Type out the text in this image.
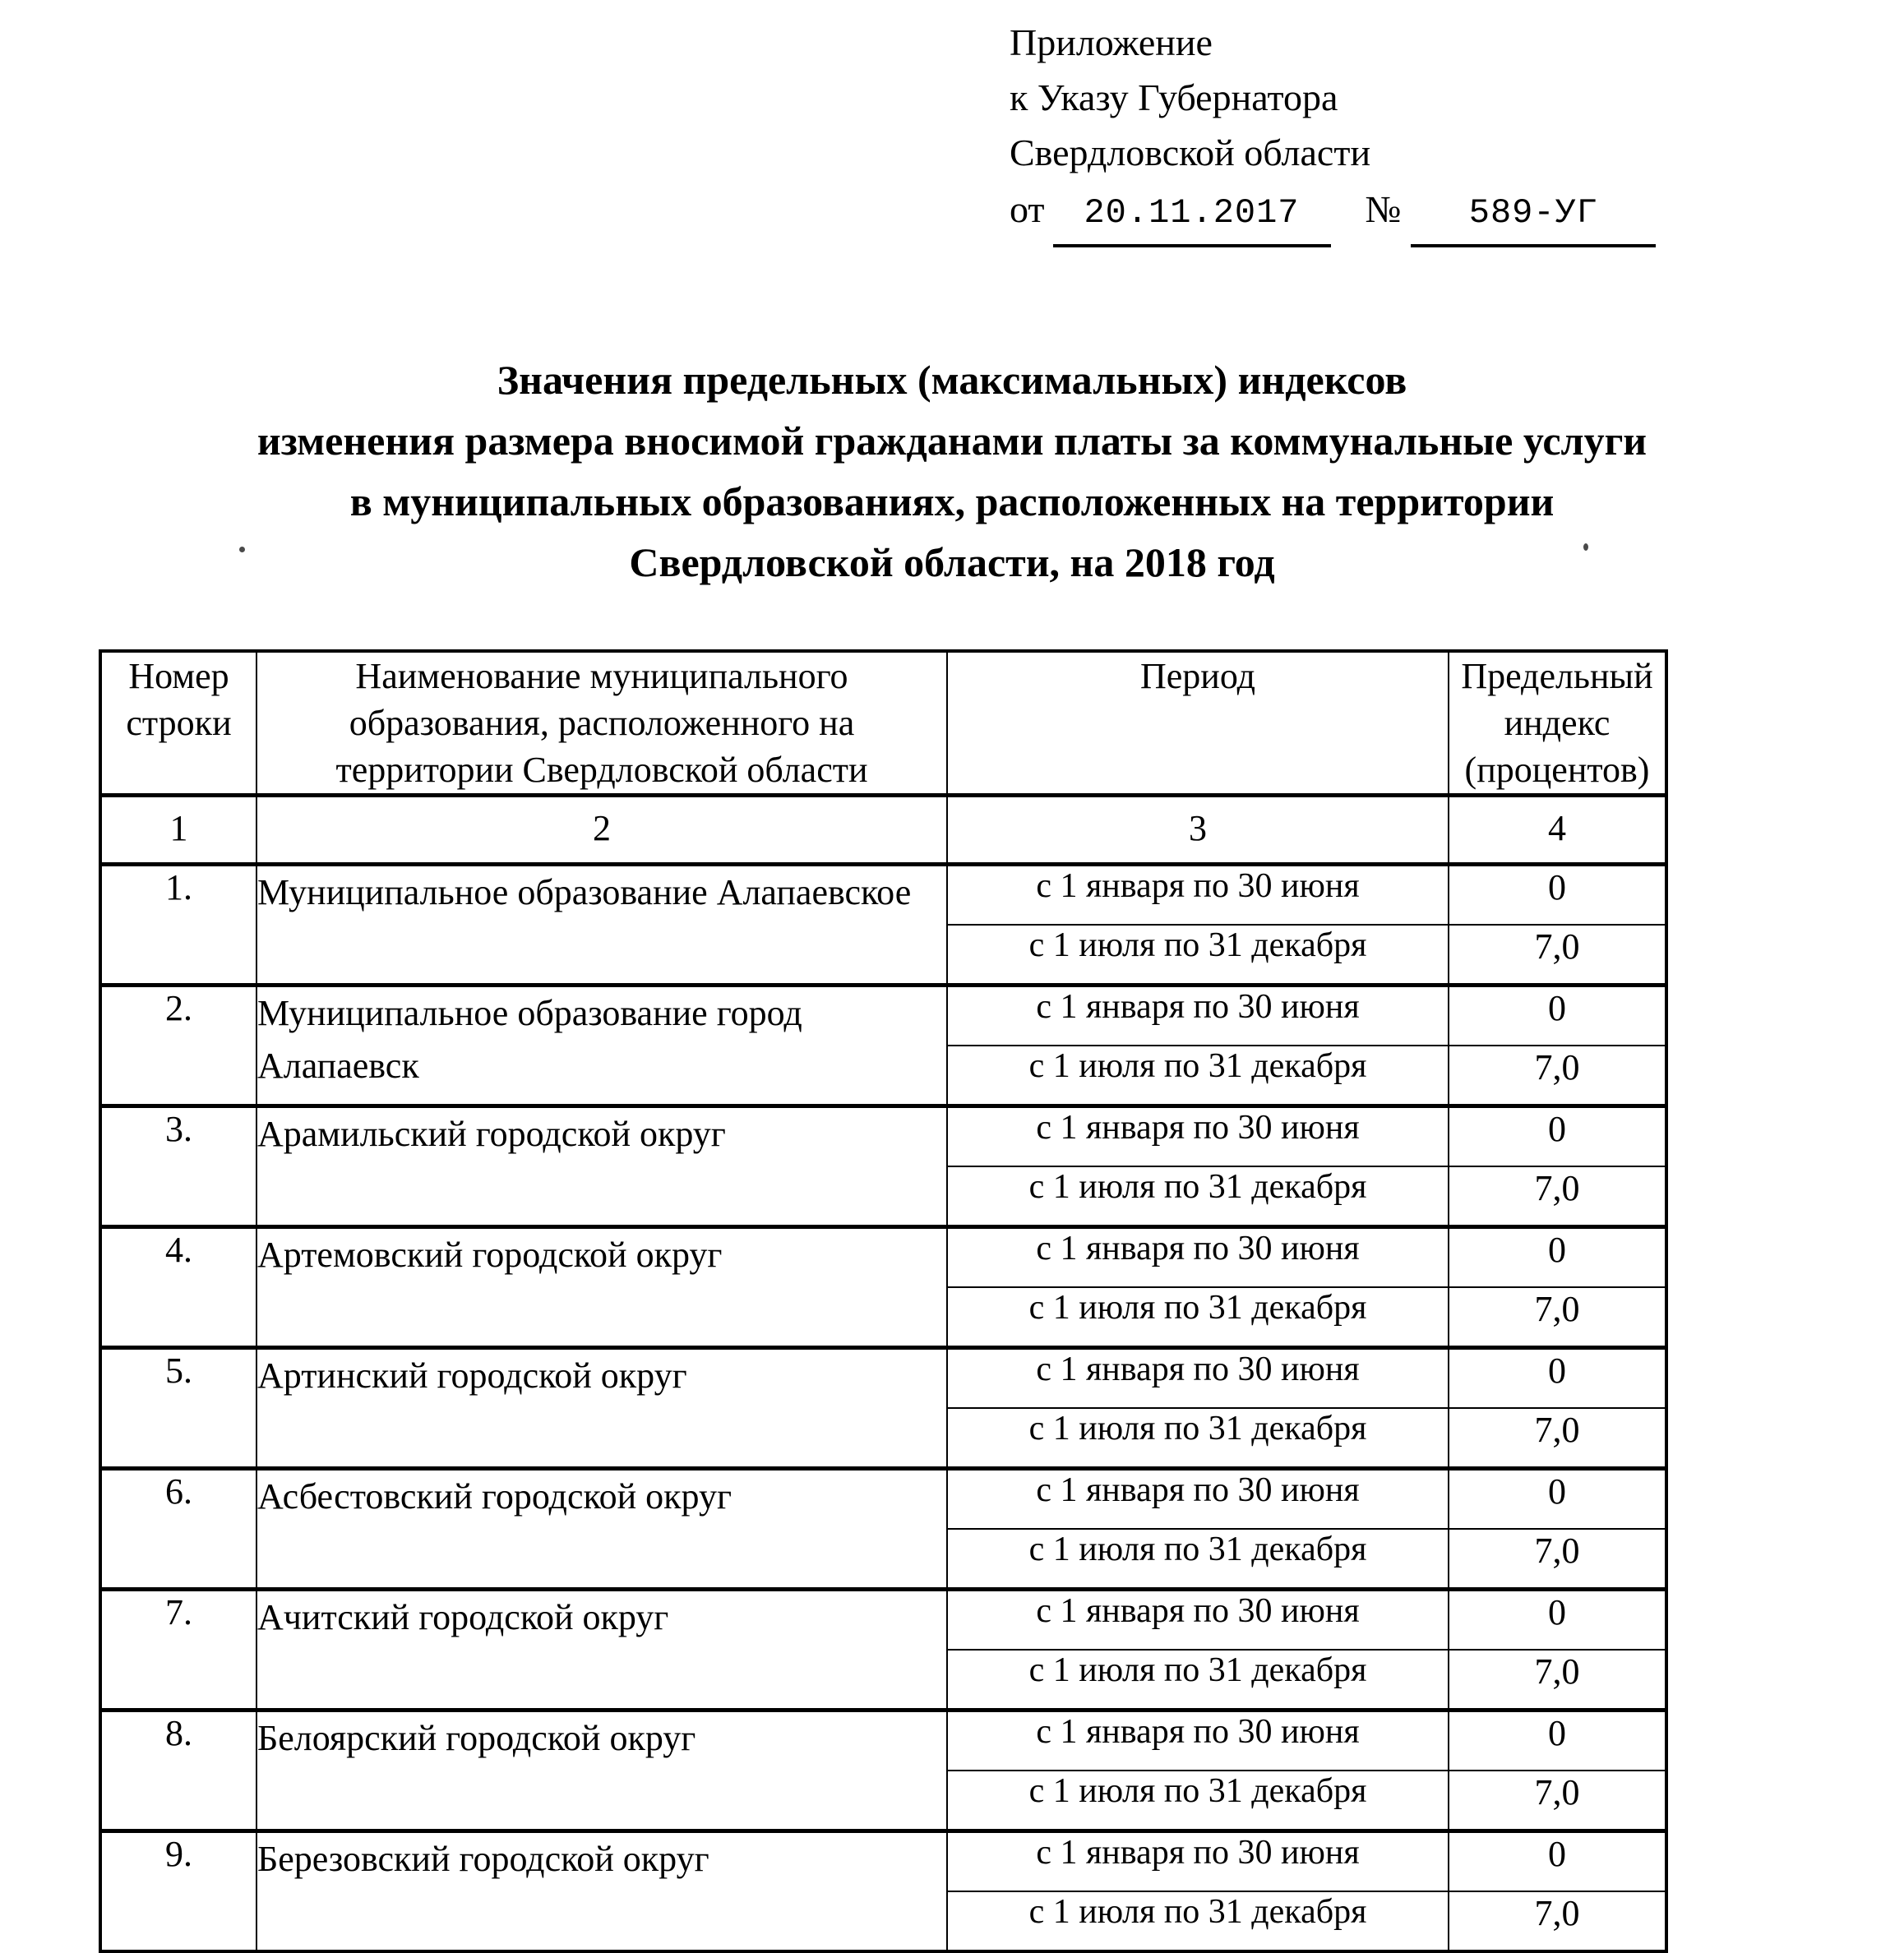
Приложение
к Указу Губернатора
Свердловской области
от	20.11.2017	№	589-УГ
Значения предельных (максимальных) индексов
изменения размера вносимой гражданами платы за коммунальные услуги
в муниципальных образованиях, расположенных на территории
Свердловской области, на 2018 год
Номер строки	Наименование муниципального образования, расположенного на территории Свердловской области	Период	Предельный индекс (процентов)
1	2	3	4
1.	Муниципальное образование Алапаевское	с 1 января по 30 июня	0
		с 1 июля по 31 декабря	7,0
2.	Муниципальное образование город Алапаевск	с 1 января по 30 июня	0
		с 1 июля по 31 декабря	7,0
3.	Арамильский городской округ	с 1 января по 30 июня	0
		с 1 июля по 31 декабря	7,0
4.	Артемовский городской округ	с 1 января по 30 июня	0
		с 1 июля по 31 декабря	7,0
5.	Артинский городской округ	с 1 января по 30 июня	0
		с 1 июля по 31 декабря	7,0
6.	Асбестовский городской округ	с 1 января по 30 июня	0
		с 1 июля по 31 декабря	7,0
7.	Ачитский городской округ	с 1 января по 30 июня	0
		с 1 июля по 31 декабря	7,0
8.	Белоярский городской округ	с 1 января по 30 июня	0
		с 1 июля по 31 декабря	7,0
9.	Березовский городской округ	с 1 января по 30 июня	0
		с 1 июля по 31 декабря	7,0
